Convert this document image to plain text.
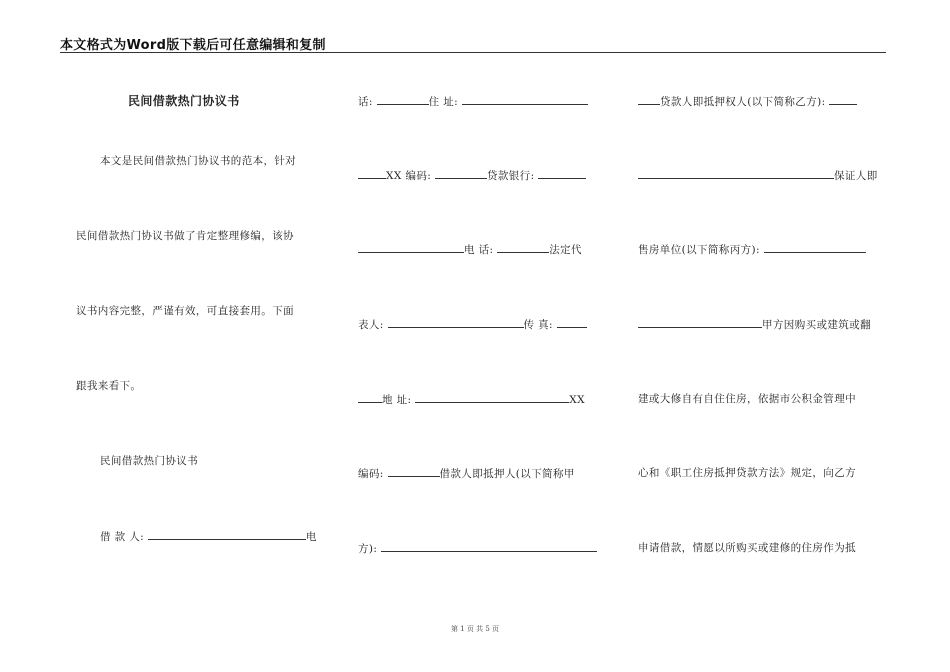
本文格式为Word版下载后可任意编辑和复制
民间借款热门协议书
本文是民间借款热门协议书的范本，针对
民间借款热门协议书做了肯定整理修编，该协
议书内容完整，严谨有效，可直接套用。下面
跟我来看下。
民间借款热门协议书
借 款 人:	电
话:	住 址:
XX 编码:	贷款银行:
电 话:	法定代
表人:	传 真:
地 址:	XX
编码:	借款人即抵押人(以下简称甲
方):
贷款人即抵押权人(以下简称乙方):
保证人即
售房单位(以下简称丙方):
甲方因购买或建筑或翻
建或大修自有自住住房，依据市公积金管理中
心和《职工住房抵押贷款方法》规定，向乙方
申请借款，情愿以所购买或建修的住房作为抵
第 1 页 共 5 页
